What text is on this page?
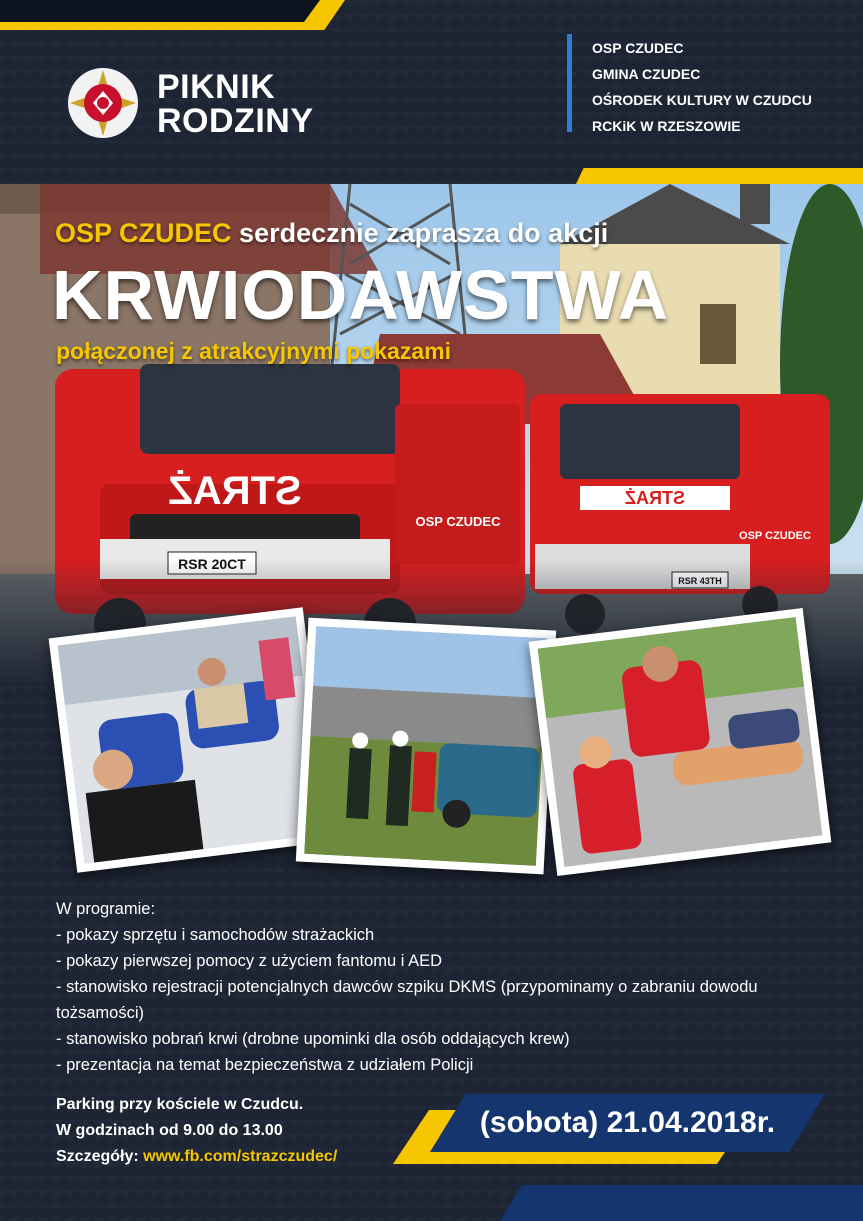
PIKNIK
RODZINY
OSP CZUDEC
GMINA CZUDEC
OŚRODEK KULTURY W CZUDCU
RCKiK W RZESZOWIE
OSP CZUDEC serdecznie zaprasza do akcji
KRWIODAWSTWA
połączonej z atrakcyjnymi pokazami
W programie:
- pokazy sprzętu i samochodów strażackich
- pokazy pierwszej pomocy z użyciem fantomu i AED
- stanowisko rejestracji potencjalnych dawców szpiku DKMS (przypominamy o zabraniu dowodu tożsamości)
- stanowisko pobrań krwi (drobne upominki dla osób oddających krew)
- prezentacja na temat bezpieczeństwa z udziałem Policji
Parking przy kościele w Czudcu.
W godzinach od 9.00 do 13.00
Szczegóły: www.fb.com/strazczudec/
(sobota) 21.04.2018r.
